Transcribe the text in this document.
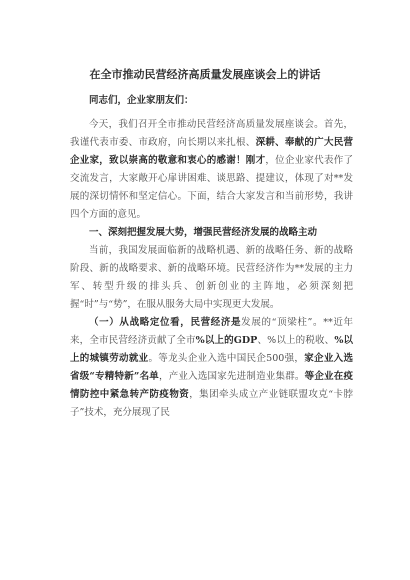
在全市推动民营经济高质量发展座谈会上的讲话

同志们，企业家朋友们：

今天，我们召开全市推动民营经济高质量发展座谈会。首先，我谨代表市委、市政府，向长期以来扎根、深耕、奉献的广大民营企业家，致以崇高的敬意和衷心的感谢！刚才，位企业家代表作了交流发言，大家敞开心扉讲困难、谈思路、提建议，体现了对**发展的深切情怀和坚定信心。下面，结合大家发言和当前形势，我讲四个方面的意见。

一、深刻把握发展大势，增强民营经济发展的战略主动

当前，我国发展面临新的战略机遇、新的战略任务、新的战略阶段、新的战略要求、新的战略环境。民营经济作为**发展的主力军、转型升级的排头兵、创新创业的主阵地，必须深刻把握“时”与“势”，在服从服务大局中实现更大发展。

（一）从战略定位看，民营经济是发展的“顶梁柱”。**近年来，全市民营经济贡献了全市%以上的GDP、%以上的税收、%以上的城镇劳动就业。等龙头企业入选中国民企500强，家企业入选省级“专精特新”名单，产业入选国家先进制造业集群。等企业在疫情防控中紧急转产防疫物资，集团牵头成立产业链联盟攻克“卡脖子”技术，充分展现了民
